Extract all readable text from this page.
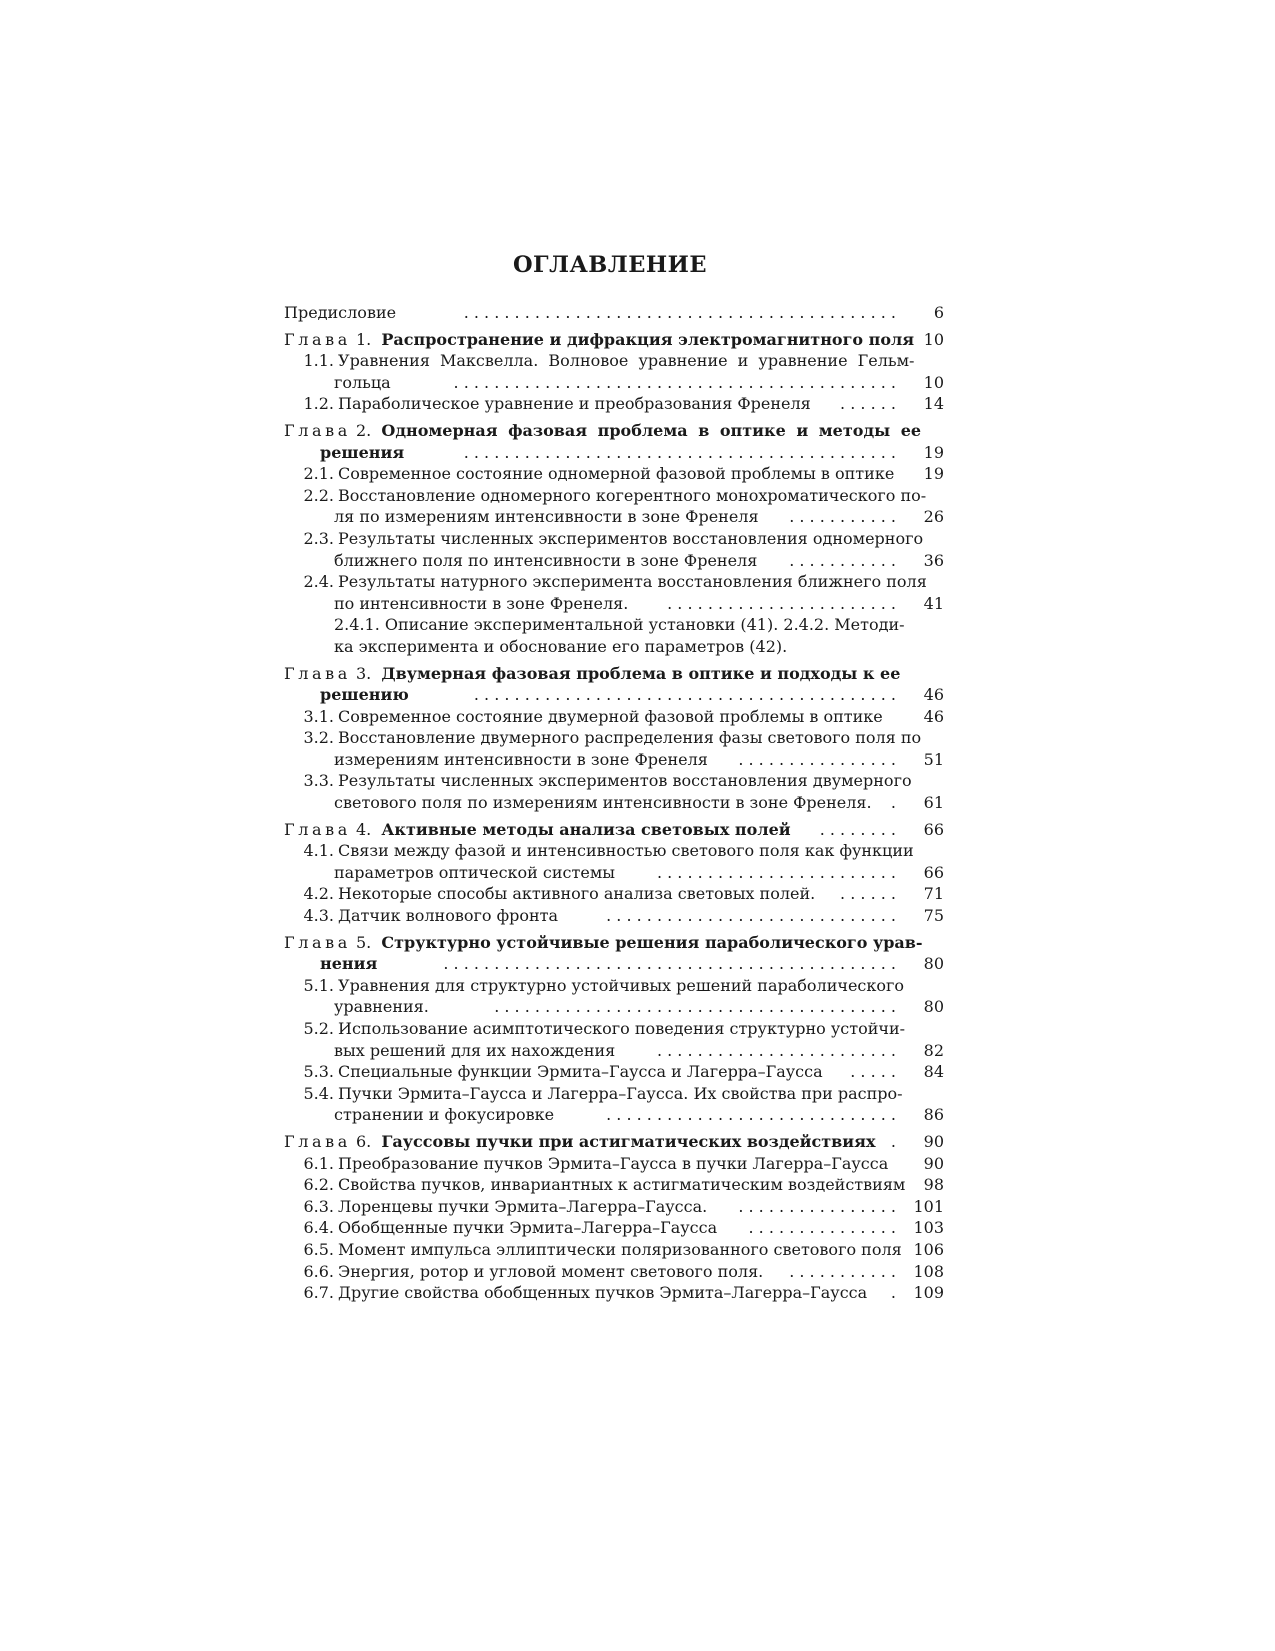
ОГЛАВЛЕНИЕ
Предисловие	. . . . . . . . . . . . . . . . . . . . . . . . . . . . . . . . . . . . . . . . . . .	6
Глава 1. Распространение и дифракция электромагнитного поля 10
1.1. Уравнения Максвелла. Волновое уравнение и уравнение Гельм-
гольца	. . . . . . . . . . . . . . . . . . . . . . . . . . . . . . . . . . . . . . . . . . . .	10
1.2. Параболическое уравнение и преобразования Френеля	. . . . . .	14
Глава 2. Одномерная фазовая проблема в оптике и методы ее
решения	. . . . . . . . . . . . . . . . . . . . . . . . . . . . . . . . . . . . . . . . . . .	19
2.1. Современное состояние одномерной фазовой проблемы в оптике	19
2.2. Восстановление одномерного когерентного монохроматического по-
ля по измерениям интенсивности в зоне Френеля	. . . . . . . . . . .	26
2.3. Результаты численных экспериментов восстановления одномерного
ближнего поля по интенсивности в зоне Френеля	. . . . . . . . . . .	36
2.4. Результаты натурного эксперимента восстановления ближнего поля
по интенсивности в зоне Френеля.	. . . . . . . . . . . . . . . . . . . . . . .	41
2.4.1. Описание экспериментальной установки (41). 2.4.2. Методи-
ка эксперимента и обоснование его параметров (42).
Глава 3. Двумерная фазовая проблема в оптике и подходы к ее
решению	. . . . . . . . . . . . . . . . . . . . . . . . . . . . . . . . . . . . . . . . . .	46
3.1. Современное состояние двумерной фазовой проблемы в оптике	46
3.2. Восстановление двумерного распределения фазы светового поля по
измерениям интенсивности в зоне Френеля	. . . . . . . . . . . . . . . .	51
3.3. Результаты численных экспериментов восстановления двумерного
светового поля по измерениям интенсивности в зоне Френеля.	.	61
Глава 4. Активные методы анализа световых полей	. . . . . . . .	66
4.1. Связи между фазой и интенсивностью светового поля как функции
параметров оптической системы	. . . . . . . . . . . . . . . . . . . . . . . .	66
4.2. Некоторые способы активного анализа световых полей.	. . . . . .	71
4.3. Датчик волнового фронта	. . . . . . . . . . . . . . . . . . . . . . . . . . . . .	75
Глава 5. Структурно устойчивые решения параболического урав-
нения	. . . . . . . . . . . . . . . . . . . . . . . . . . . . . . . . . . . . . . . . . . . . .	80
5.1. Уравнения для структурно устойчивых решений параболического
уравнения.	. . . . . . . . . . . . . . . . . . . . . . . . . . . . . . . . . . . . . . . .	80
5.2. Использование асимптотического поведения структурно устойчи-
вых решений для их нахождения	. . . . . . . . . . . . . . . . . . . . . . . .	82
5.3. Специальные функции Эрмита–Гаусса и Лагерра–Гаусса	. . . . .	84
5.4. Пучки Эрмита–Гаусса и Лагерра–Гаусса. Их свойства при распро-
странении и фокусировке	. . . . . . . . . . . . . . . . . . . . . . . . . . . . .	86
Глава 6. Гауссовы пучки при астигматических воздействиях .	90
6.1. Преобразование пучков Эрмита–Гаусса в пучки Лагерра–Гаусса	90
6.2. Свойства пучков, инвариантных к астигматическим воздействиям	98
6.3. Лоренцевы пучки Эрмита–Лагерра–Гаусса.	. . . . . . . . . . . . . . . .	101
6.4. Обобщенные пучки Эрмита–Лагерра–Гаусса	. . . . . . . . . . . . . . .	103
6.5. Момент импульса эллиптически поляризованного светового поля 106
6.6. Энергия, ротор и угловой момент светового поля.	. . . . . . . . . . .	108
6.7. Другие свойства обобщенных пучков Эрмита–Лагерра–Гаусса	.	109
